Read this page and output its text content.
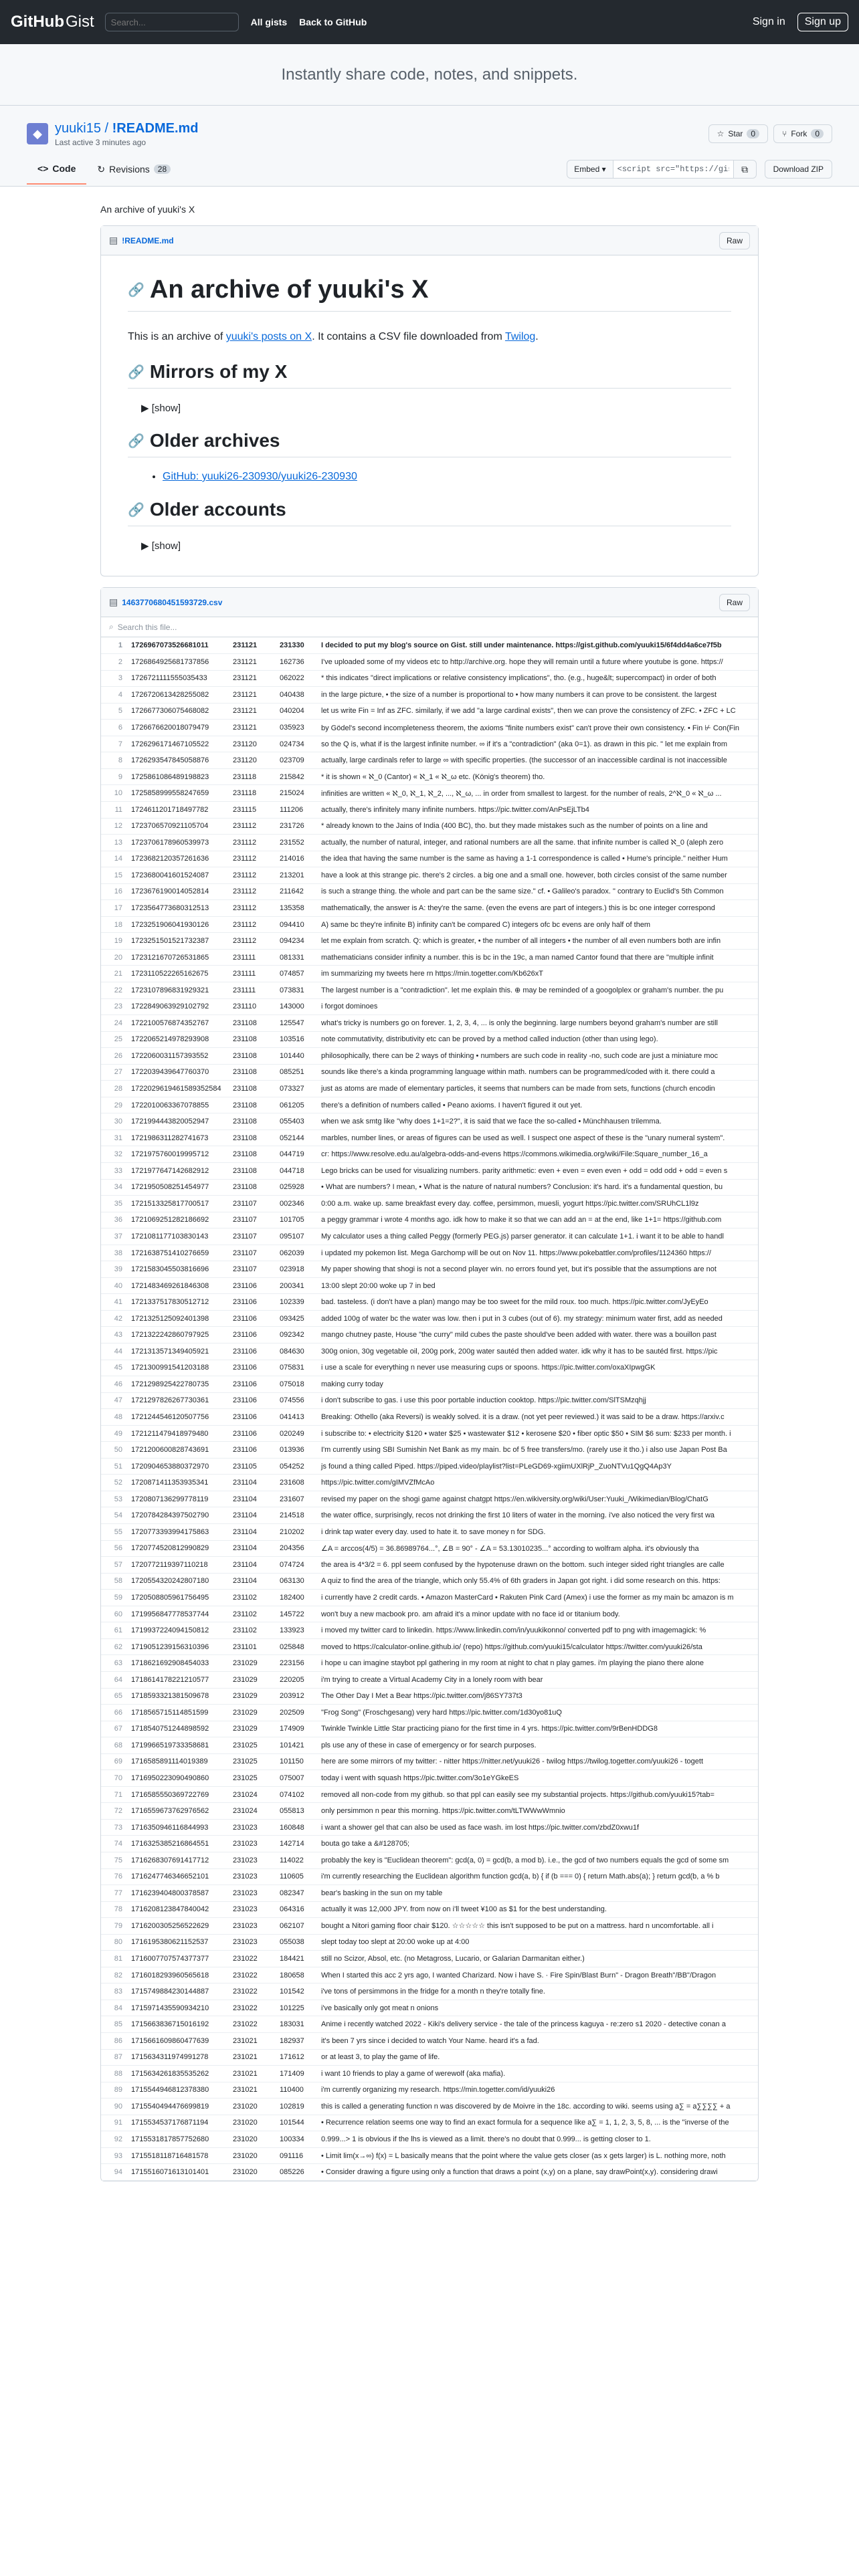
GitHub Gist
Search...	All gists Back to GitHub	Sign in	Sign up
Instantly share code, notes, and snippets.
◆ yuuki15 / !README.md
Last active 3 minutes ago
☆ Star	0	⑂ Fork	0
<> Code ↻ Revisions	28	Embed ▾
<script src="https://gist.githu	⧉	Download ZIP
An archive of yuuki's X
▤ !README.md	Raw
🔗 An archive of yuuki's X

This is an archive of yuuki's posts on X. It contains a CSV file downloaded from Twilog.

🔗 Mirrors of my X
▶ [show]
🔗 Older archives
• GitHub: yuuki26-230930/yuuki26-230930
🔗 Older accounts
▶ [show]
▤ 1463770680451593729.csv	Raw
⌕ Search this file...
1	1726967073526681011	231121	231330	I decided to put my blog's source on Gist. still under maintenance. https://gist.github.com/yuuki15/6f4dd4a6ce7f5b
2	1726864925681737856	231121	162736	I've uploaded some of my videos etc to http://archive.org. hope they will remain until a future where youtube is gone. https://
3	1726721111555035433	231121	062022	* this indicates "direct implications or relative consistency implications", tho. (e.g., huge&lt; supercompact) in order of both
4	1726720613428255082	231121	040438	in the large picture, • the size of a number is proportional to • how many numbers it can prove to be consistent. the largest
5	1726677306075468082	231121	040204	let us write Fin = Inf as ZFC. similarly, if we add "a large cardinal exists", then we can prove the consistency of ZFC. • ZFC + LC
6	1726676620018079479	231121	035923	by Gödel's second incompleteness theorem, the axioms "finite numbers exist" can't prove their own consistency. • Fin ⊬ Con(Fin
7	1726296171467105522	231120	024734	so the Q is, what if is the largest infinite number. ∞ if it's a "contradiction" (aka 0=1). as drawn in this pic. " let me explain from
8	1726293547845058876	231120	023709	actually, large cardinals refer to large ∞ with specific properties. (the successor of an inaccessible cardinal is not inaccessible
9	1725861086489198823	231118	215842	* it is shown « ℵ_0 (Cantor) « ℵ_1 « ℵ_ω etc. (König's theorem) tho.
10	1725858999558247659	231118	215024	infinities are written « ℵ_0, ℵ_1, ℵ_2, ..., ℵ_ω, ... in order from smallest to largest. for the number of reals, 2^ℵ_0 « ℵ_ω ...
11	1724611201718497782	231115	111206	actually, there's infinitely many infinite numbers. https://pic.twitter.com/AnPsEjLTb4
12	1723706570921105704	231112	231726	* already known to the Jains of India (400 BC), tho. but they made mistakes such as the number of points on a line and
13	1723706178960539973	231112	231552	actually, the number of natural, integer, and rational numbers are all the same. that infinite number is called ℵ_0 (aleph zero
14	1723682120357261636	231112	214016	the idea that having the same number is the same as having a 1-1 correspondence is called • Hume's principle." neither Hum
15	1723680041601524087	231112	213201	have a look at this strange pic. there's 2 circles. a big one and a small one. however, both circles consist of the same number
16	1723676190014052814	231112	211642	is such a strange thing. the whole and part can be the same size." cf. • Galileo's paradox. " contrary to Euclid's 5th Common
17	1723564773680312513	231112	135358	mathematically, the answer is A: they're the same. (even the evens are part of integers.) this is bc one integer correspond
18	1723251906041930126	231112	094410	A) same bc they're infinite B) infinity can't be compared C) integers ofc bc evens are only half of them
19	1723251501521732387	231112	094234	let me explain from scratch. Q: which is greater, • the number of all integers • the number of all even numbers both are infin
20	1723121670726531865	231111	081331	mathematicians consider infinity a number. this is bc in the 19c, a man named Cantor found that there are "multiple infinit
21	1723110522265162675	231111	074857	im summarizing my tweets here rn https://min.togetter.com/Kb626xT
22	1723107896831929321	231111	073831	The largest number is a "contradiction". let me explain this. ⊕ may be reminded of a googolplex or graham's number. the pu
23	1722849063929102792	231110	143000	i forgot dominoes
24	1722100576874352767	231108	125547	what's tricky is numbers go on forever. 1, 2, 3, 4, ... is only the beginning. large numbers beyond graham's number are still
25	1722065214978293908	231108	103516	note commutativity, distributivity etc can be proved by a method called induction (other than using lego).
26	1722060031157393552	231108	101440	philosophically, there can be 2 ways of thinking • numbers are such code in reality -no, such code are just a miniature moc
27	1722039439647760370	231108	085251	sounds like there's a kinda programming language within math. numbers can be programmed/coded with it. there could a
28	1722029619461589352584	231108	073327	just as atoms are made of elementary particles, it seems that numbers can be made from sets, functions (church encodin
29	1722010063367078855	231108	061205	there's a definition of numbers called • Peano axioms. I haven't figured it out yet.
30	1721994443820052947	231108	055403	when we ask smtg like "why does 1+1=2?", it is said that we face the so-called • Münchhausen trilemma.
31	1721986311282741673	231108	052144	marbles, number lines, or areas of figures can be used as well. I suspect one aspect of these is the "unary numeral system".
32	1721975760019995712	231108	044719	cr: https://www.resolve.edu.au/algebra-odds-and-evens https://commons.wikimedia.org/wiki/File:Square_number_16_a
33	1721977647142682912	231108	044718	Lego bricks can be used for visualizing numbers. parity arithmetic: even + even = even even + odd = odd odd + odd = even s
34	1721950508251454977	231108	025928	• What are numbers? I mean, • What is the nature of natural numbers? Conclusion: it's hard. it's a fundamental question, bu
35	1721513325817700517	231107	002346	0:00 a.m. wake up. same breakfast every day. coffee, persimmon, muesli, yogurt https://pic.twitter.com/SRUhCL1l9z
36	1721069251282186692	231107	101705	a peggy grammar i wrote 4 months ago. idk how to make it so that we can add an = at the end, like 1+1= https://github.com
37	1721081177103830143	231107	095107	My calculator uses a thing called Peggy (formerly PEG.js) parser generator. it can calculate 1+1. i want it to be able to handl
38	1721638751410276659	231107	062039	i updated my pokemon list. Mega Garchomp will be out on Nov 11. https://www.pokebattler.com/profiles/1124360 https://
39	1721583045503816696	231107	023918	My paper showing that shogi is not a second player win. no errors found yet, but it's possible that the assumptions are not
40	1721483469261846308	231106	200341	13:00 slept 20:00 woke up 7 in bed
41	1721337517830512712	231106	102339	bad. tasteless. (i don't have a plan) mango may be too sweet for the mild roux. too much. https://pic.twitter.com/JyEyEo
42	1721325125092401398	231106	093425	added 100g of water bc the water was low. then i put in 3 cubes (out of 6). my strategy: minimum water first, add as needed
43	1721322242860797925	231106	092342	mango chutney paste, House "the curry" mild cubes the paste should've been added with water. there was a bouillon past
44	1721313571349405921	231106	084630	300g onion, 30g vegetable oil, 200g pork, 200g water sautéd then added water. idk why it has to be sautéd first. https://pic
45	1721300991541203188	231106	075831	i use a scale for everything n never use measuring cups or spoons. https://pic.twitter.com/oxaXIpwgGK
46	1721298925422780735	231106	075018	making curry today
47	1721297826267730361	231106	074556	i don't subscribe to gas. i use this poor portable induction cooktop. https://pic.twitter.com/SlTSMzqhjj
48	1721244546120507756	231106	041413	Breaking: Othello (aka Reversi) is weakly solved. it is a draw. (not yet peer reviewed.) it was said to be a draw. https://arxiv.c
49	1721211479418979480	231106	020249	i subscribe to: • electricity $120 • water $25 • wastewater $12 • kerosene $20 • fiber optic $50 • SIM $6 sum: $233 per month. i
50	1721200600828743691	231106	013936	I'm currently using SBI Sumishin Net Bank as my main. bc of 5 free transfers/mo. (rarely use it tho.) i also use Japan Post Ba
51	1720904653880372970	231105	054252	js found a thing called Piped. https://piped.video/playlist?list=PLeGD69-xgiimUXlRjP_ZuoNTVu1QgQ4Ap3Y
52	1720871411353935341	231104	231608	https://pic.twitter.com/gIMVZfMcAo
53	1720807136299778119	231104	231607	revised my paper on the shogi game against chatgpt https://en.wikiversity.org/wiki/User:Yuuki_/Wikimedian/Blog/ChatG
54	1720784284397502790	231104	214518	the water office, surprisingly, recos not drinking the first 10 liters of water in the morning. i've also noticed the very first wa
55	1720773393994175863	231104	210202	i drink tap water every day. used to hate it. to save money n for SDG.
56	1720774520812990829	231104	204356	∠A = arccos(4/5) = 36.86989764...°, ∠B = 90° - ∠A = 53.13010235...° according to wolfram alpha. it's obviously tha
57	1720772119397110218	231104	074724	the area is 4*3/2 = 6. ppl seem confused by the hypotenuse drawn on the bottom. such integer sided right triangles are calle
58	1720554320242807180	231104	063130	A quiz to find the area of the triangle, which only 55.4% of 6th graders in Japan got right. i did some research on this. https:
59	1720508805961756495	231102	182400	i currently have 2 credit cards. • Amazon MasterCard • Rakuten Pink Card (Amex) i use the former as my main bc amazon is m
60	1719956847778537744	231102	145722	won't buy a new macbook pro. am afraid it's a minor update with no face id or titanium body.
61	1719937224094150812	231102	133923	i moved my twitter card to linkedin. https://www.linkedin.com/in/yuukikonno/ converted pdf to png with imagemagick: %
62	1719051239156310396	231101	025848	moved to https://calculator-online.github.io/ (repo) https://github.com/yuuki15/calculator https://twitter.com/yuuki26/sta
63	1718621692908454033	231029	223156	i hope u can imagine staybot ppl gathering in my room at night to chat n play games. i'm playing the piano there alone
64	1718614178221210577	231029	220205	i'm trying to create a Virtual Academy City in a lonely room with bear
65	1718593321381509678	231029	203912	The Other Day I Met a Bear https://pic.twitter.com/j86SY737t3
66	1718565715114851599	231029	202509	"Frog Song" (Froschgesang) very hard https://pic.twitter.com/1d30yo81uQ
67	1718540751244898592	231029	174909	Twinkle Twinkle Little Star practicing piano for the first time in 4 yrs. https://pic.twitter.com/9rBenHDDG8
68	1719966519733358681	231025	101421	pls use any of these in case of emergency or for search purposes.
69	1716585891114019389	231025	101150	here are some mirrors of my twitter: - nitter https://nitter.net/yuuki26 - twilog https://twilog.togetter.com/yuuki26 - togett
70	1716950223090490860	231025	075007	today i went with squash https://pic.twitter.com/3o1eYGkeES
71	1716585550369722769	231024	074102	removed all non-code from my github. so that ppl can easily see my substantial projects. https://github.com/yuuki15?tab=
72	1716559673762976562	231024	055813	only persimmon n pear this morning. https://pic.twitter.com/tLTWWwWmnio
73	1716350946116844993	231023	160848	i want a shower gel that can also be used as face wash. im lost https://pic.twitter.com/zbdZ0xwu1f
74	1716325385216864551	231023	142714	bouta go take a &#128705;
75	1716268307691417712	231023	114022	probably the key is "Euclidean theorem": gcd(a, 0) = gcd(b, a mod b). i.e., the gcd of two numbers equals the gcd of some sm
76	1716247746346652101	231023	110605	i'm currently researching the Euclidean algorithm function gcd(a, b) { if (b === 0) { return Math.abs(a); } return gcd(b, a % b
77	1716239404800378587	231023	082347	bear's basking in the sun on my table
78	1716208123847840042	231023	064316	actually it was 12,000 JPY. from now on i'll tweet ¥100 as $1 for the best understanding.
79	1716200305256522629	231023	062107	bought a Nitori gaming floor chair $120. ☆☆☆☆☆ this isn't supposed to be put on a mattress. hard n uncomfortable. all i
80	1716195380621152537	231023	055038	slept today too slept at 20:00 woke up at 4:00
81	1716007707574377377	231022	184421	still no Scizor, Absol, etc. (no Metagross, Lucario, or Galarian Darmanitan either.)
82	1716018293960565618	231022	180658	When I started this acc 2 yrs ago, I wanted Charizard. Now i have S. · Fire Spin/Blast Burn" - Dragon Breath"/BB"/Dragon
83	1715749884230144887	231022	101542	i've tons of persimmons in the fridge for a month n they're totally fine.
84	1715971435590934210	231022	101225	i've basically only got meat n onions
85	1715663836715016192	231022	183031	Anime i recently watched 2022 - Kiki's delivery service - the tale of the princess kaguya - re:zero s1 2020 - detective conan a
86	1715661609860477639	231021	182937	it's been 7 yrs since i decided to watch Your Name. heard it's a fad.
87	1715634311974991278	231021	171612	or at least 3, to play the game of life.
88	1715634261835535262	231021	171409	i want 10 friends to play a game of werewolf (aka mafia).
89	1715544946812378380	231021	110400	i'm currently organizing my research. https://min.togetter.com/id/yuuki26
90	1715540494476699819	231020	102819	this is called a generating function n was discovered by de Moivre in the 18c. according to wiki. seems using a∑ = a∑∑∑∑ + a
91	1715534537176871194	231020	101544	• Recurrence relation seems one way to find an exact formula for a sequence like a∑ = 1, 1, 2, 3, 5, 8, ... is the "inverse of the
92	1715531817857752680	231020	100334	0.999...> 1 is obvious if the lhs is viewed as a limit. there's no doubt that 0.999... is getting closer to 1.
93	1715518118716481578	231020	091116	• Limit lim(x→∞) f(x) = L basically means that the point where the value gets closer (as x gets larger) is L. nothing more, noth
94	1715516071613101401	231020	085226	• Consider drawing a figure using only a function that draws a point (x,y) on a plane, say drawPoint(x,y). considering drawi
